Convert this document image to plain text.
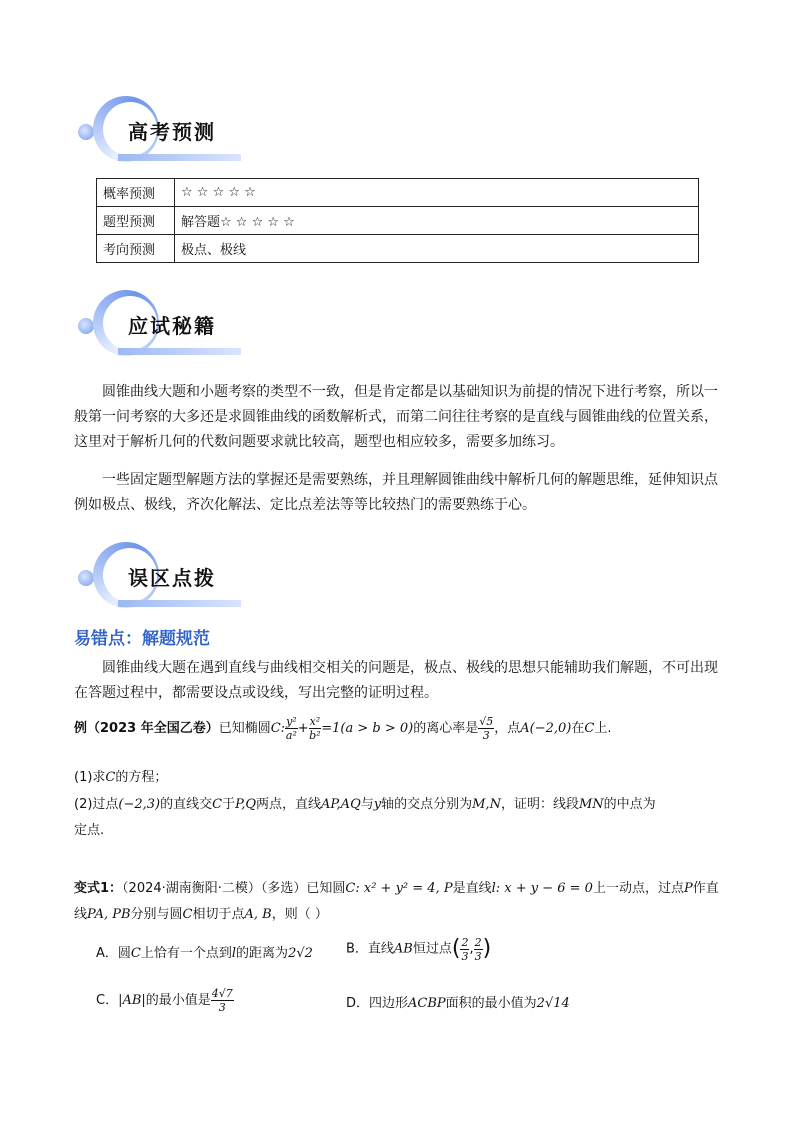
高考预测
概率预测	☆ ☆ ☆ ☆ ☆
题型预测	解答题☆ ☆ ☆ ☆ ☆
考向预测	极点、极线
应试秘籍
圆锥曲线大题和小题考察的类型不一致，但是肯定都是以基础知识为前提的情况下进行考察，所以一般第一问考察的大多还是求圆锥曲线的函数解析式，而第二问往往考察的是直线与圆锥曲线的位置关系，这里对于解析几何的代数问题要求就比较高，题型也相应较多，需要多加练习。
一些固定题型解题方法的掌握还是需要熟练，并且理解圆锥曲线中解析几何的解题思维，延伸知识点例如极点、极线，齐次化解法、定比点差法等等比较热门的需要熟练于心。
误区点拨
易错点：解题规范
圆锥曲线大题在遇到直线与曲线相交相关的问题是，极点、极线的思想只能辅助我们解题，不可出现在答题过程中，都需要设点或设线，写出完整的证明过程。
例（2023 年全国乙卷）已知椭圆C: $\frac{\text{y²}}{\text{a²}} + \frac{\text{x²}}{\text{b²}} =1(a > b > 0)$的离心率是 $\frac{√5}{3}$ ，点A(−2,0)在C上.
(1)求C的方程；
(2)过点(−2,3)的直线交C于P,Q两点，直线AP,AQ与y轴的交点分别为M,N，证明：线段MN的中点为
定点.
变式1：（2024·湖南衡阳·二模）（多选）已知圆C: x² + y² = 4, P是直线l: x + y − 6 = 0上一动点，过点P作直
线PA, PB分别与圆C相切于点A, B，则（ ）
A．圆C上恰有一个点到l的距离为2√2	B．直线AB恒过点( $\frac{2}{3}$ , $\frac{2}{3}$ )
C．|AB|的最小值是 $\frac{4√7}{3}$	D．四边形ACBP面积的最小值为2√14
